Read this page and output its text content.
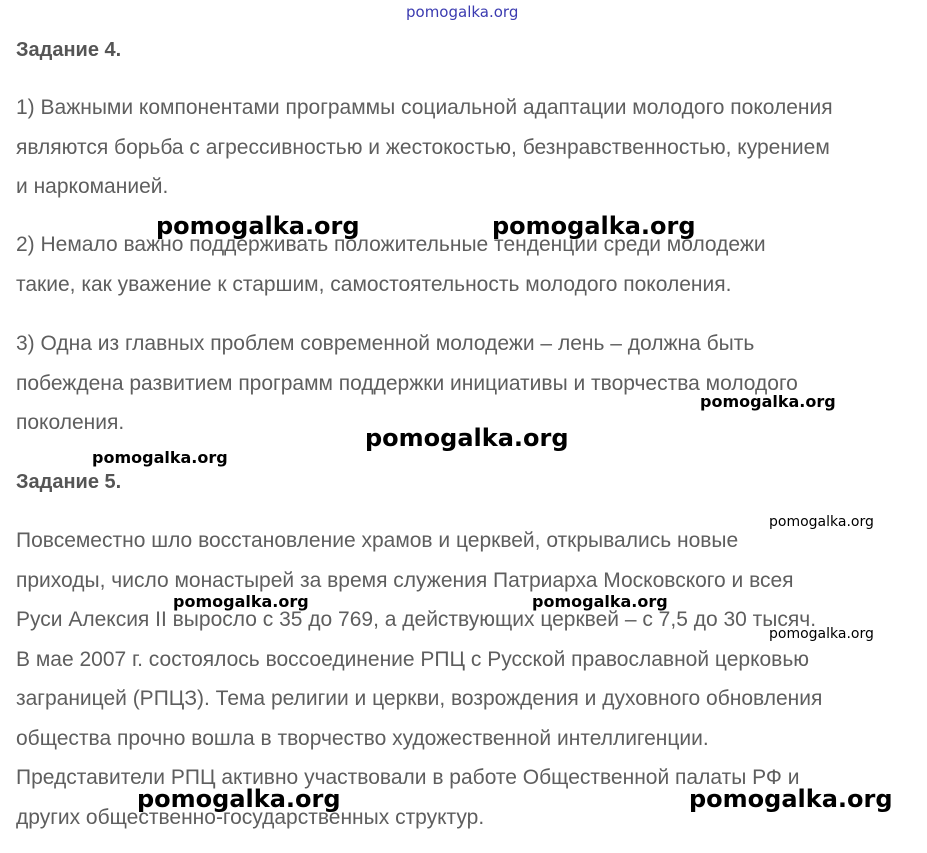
pomogalka.org
Задание 4.

1) Важными компонентами программы социальной адаптации молодого поколения
являются борьба с агрессивностью и жестокостью, безнравственностью, курением
и наркоманией.

2) Немало важно поддерживать положительные тенденции среди молодежи
такие, как уважение к старшим, самостоятельность молодого поколения.

3) Одна из главных проблем современной молодежи – лень – должна быть
побеждена развитием программ поддержки инициативы и творчества молодого
поколения.

Задание 5.

Повсеместно шло восстановление храмов и церквей, открывались новые
приходы, число монастырей за время служения Патриарха Московского и всея
Руси Алексия II выросло с 35 до 769, а действующих церквей – с 7,5 до 30 тысяч.
В мае 2007 г. состоялось воссоединение РПЦ с Русской православной церковью
заграницей (РПЦЗ). Тема религии и церкви, возрождения и духовного обновления
общества прочно вошла в творчество художественной интеллигенции.
Представители РПЦ активно участвовали в работе Общественной палаты РФ и
других общественно-государственных структур.

pomogalka.org	pomogalka.org
pomogalka.org
pomogalka.org
pomogalka.org
pomogalka.org
pomogalka.org	pomogalka.org
pomogalka.org
pomogalka.org	pomogalka.org
